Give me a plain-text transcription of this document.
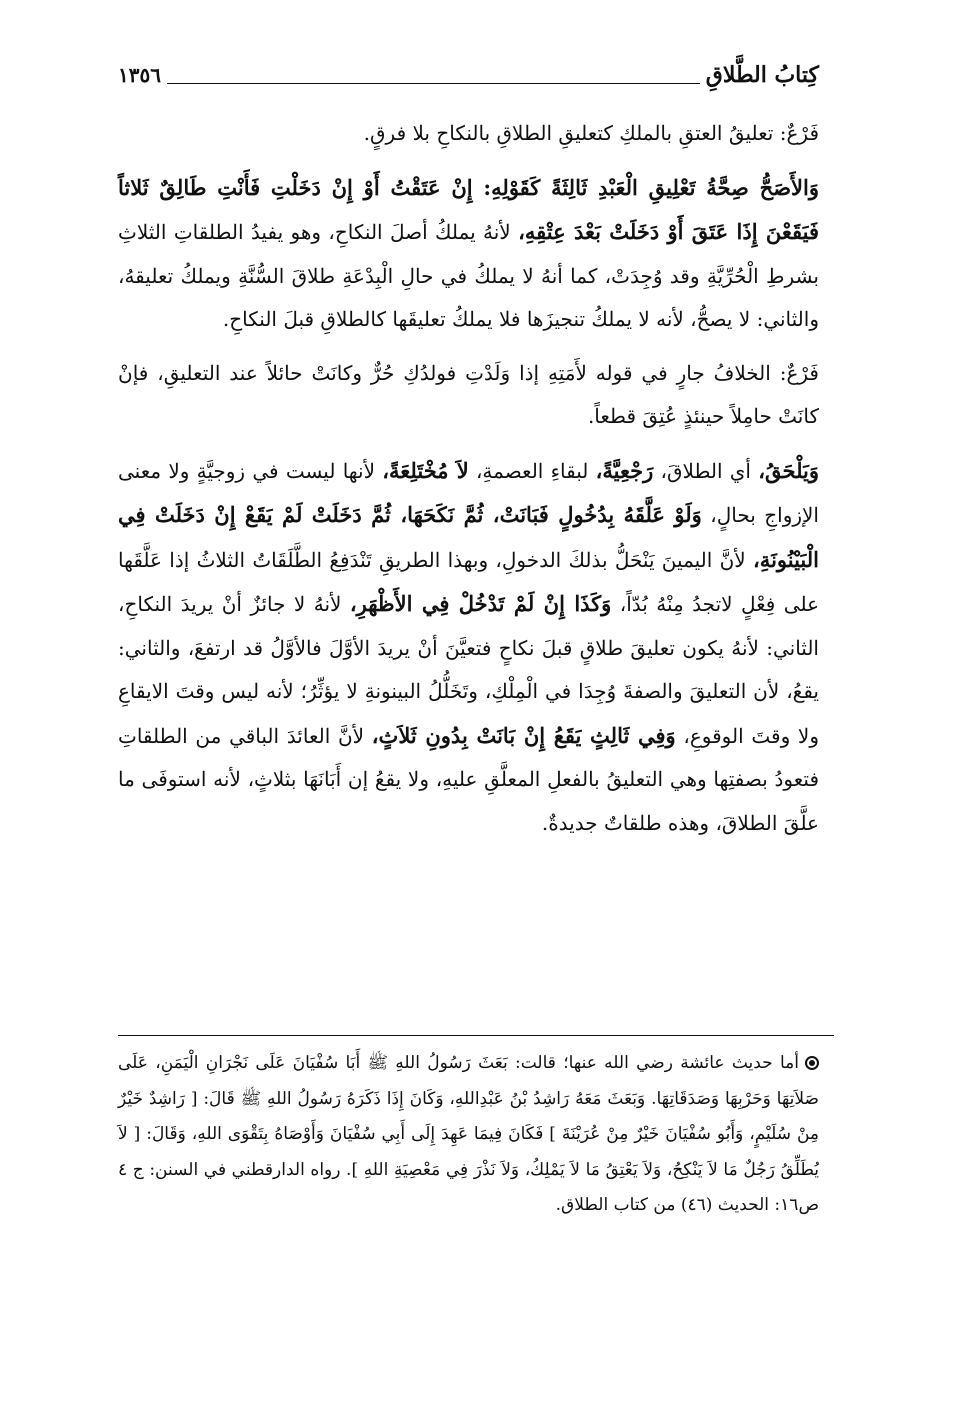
كِتابُ الطَّلاقِ
١٣٥٦

فَرْعٌ: تعليقُ العتقِ بالملكِ كتعليقِ الطلاقِ بالنكاحِ بلا فرقٍ.

وَالأَصَحُّ صِحَّةُ تَعْلِيقِ الْعَبْدِ ثَالِثَةً كَقَوْلِهِ: إِنْ عَتَقْتُ أَوْ إِنْ دَخَلْتِ فَأَنْتِ طَالِقٌ ثَلاثاً فَيَقَعْنَ إِذَا عَتَقَ أَوْ دَخَلَتْ بَعْدَ عِتْقِهِ، لأنهُ يملكُ أصلَ النكاحِ، وهو يفيدُ الطلقاتِ الثلاثِ بشرطِ الْحُرِّيَّةِ وقد وُجِدَتْ، كما أنهُ لا يملكُ في حالِ الْبِدْعَةِ طلاقَ السُّنَّةِ ويملكُ تعليقهُ، والثاني: لا يصحُّ، لأنه لا يملكُ تنجيزَها فلا يملكُ تعليقَها كالطلاقِ قبلَ النكاحِ.

فَرْعٌ: الخلافُ جارٍ في قوله لأَمَتِهِ إذا وَلَدْتِ فولدُكِ حُرٌّ وكانَتْ حائلاً عند التعليقِ، فإنْ كانَتْ حامِلاً حينئذٍ عُتِقَ قطعاً.

وَيَلْحَقُ، أي الطلاقَ، رَجْعِيَّةً، لبقاءِ العصمةِ، لاَ مُخْتَلِعَةً، لأنها ليست في زوجيَّةٍ ولا معنى الإزواجِ بحالٍ، وَلَوْ عَلَّقَهُ بِدُخُولٍ فَبَانَتْ، ثُمَّ نَكَحَهَا، ثُمَّ دَخَلَتْ لَمْ يَقَعْ إِنْ دَخَلَتْ فِي الْبَيْنُونَةِ، لأنَّ اليمينَ يَنْحَلُّ بذلكَ الدخولِ، وبهذا الطريقِ تَنْدَفِعُ الطَّلَقَاتُ الثلاثُ إذا عَلَّقَها على فِعْلٍ لاتجدُ مِنْهُ بُدّاً، وَكَذَا إِنْ لَمْ تَدْخُلْ فِي الأَظْهَرِ، لأنهُ لا جائزٌ أنْ يريدَ النكاحِ، الثاني: لأنهُ يكون تعليقَ طلاقٍ قبلَ نكاحٍ فتعيَّنَ أنْ يريدَ الأوَّلَ فالأوَّلُ قد ارتفعَ، والثاني: يقعُ، لأن التعليقَ والصفةَ وُجِدَا في الْمِلْكِ، وتَخَلُّلُ البينونةِ لا يؤثِّرُ؛ لأنه ليس وقتَ الايقاعِ ولا وقتَ الوقوعِ، وَفِي ثَالِثٍ يَقَعُ إِنْ بَانَتْ بِدُونِ ثَلاَثٍ، لأنَّ العائدَ الباقي من الطلقاتِ فتعودُ بصفتِها وهي التعليقُ بالفعلِ المعلَّقِ عليهِ، ولا يقعُ إن أَبَانَهَا بثلاثٍ، لأنه استوفَى ما علَّقَ الطلاقَ، وهذه طلقاتٌ جديدةٌ.

أما حديث عائشة رضي الله عنها؛ قالت: بَعَثَ رَسُولُ اللهِ ﷺ أَبَا سُفْيَانَ عَلَى نَجْرَانِ الْيَمَنِ، عَلَى صَلاَتِهَا وَحَرْبِهَا وَصَدَقَاتِهَا. وَبَعَثَ مَعَهُ رَاشِدُ بْنُ عَبْدِاللهِ، وَكَانَ إِذَا ذَكَرَهُ رَسُولُ اللهِ ﷺ قَالَ: [ رَاشِدٌ خَيْرٌ مِنْ سُلَيْمٍ، وَأَبُو سُفْيَانَ خَيْرٌ مِنْ عُرَيْنَةَ ] فَكَانَ فِيمَا عَهِدَ إِلَى أَبِي سُفْيَانَ وَأَوْصَاهُ بِتَقْوَى اللهِ، وَقَالَ: [ لاَ يُطَلِّقُ رَجُلٌ مَا لاَ يَنْكِحُ، وَلاَ يَعْتِقُ مَا لاَ يَمْلِكُ، وَلاَ نَذْرَ فِي مَعْصِيَةِ اللهِ ]. رواه الدارقطني في السنن: ج ٤ ص١٦: الحديث (٤٦) من كتاب الطلاق.
